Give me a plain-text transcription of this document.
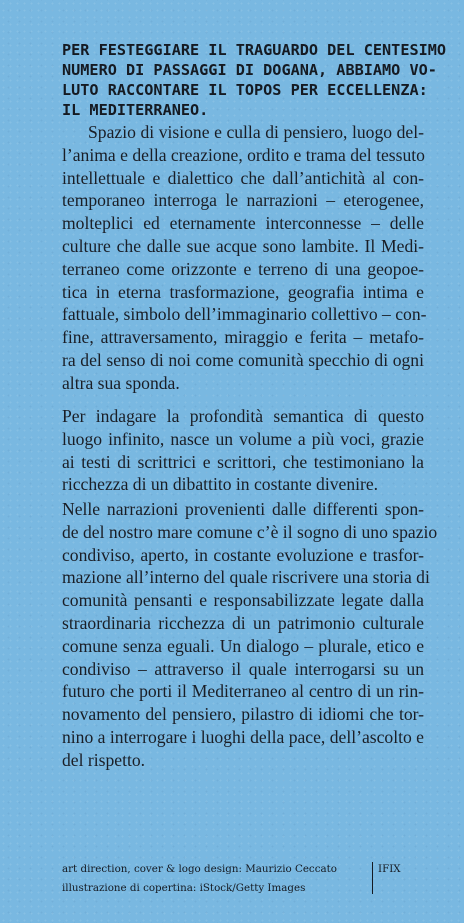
PER FESTEGGIARE IL TRAGUARDO DEL CENTESIMO
NUMERO DI PASSAGGI DI DOGANA, ABBIAMO VO-
LUTO RACCONTARE IL TOPOS PER ECCELLENZA:
IL MEDITERRANEO.
Spazio di visione e culla di pensiero, luogo del-
l’anima e della creazione, ordito e trama del tessuto
intellettuale e dialettico che dall’antichità al con-
temporaneo interroga le narrazioni – eterogenee,
molteplici ed eternamente interconnesse – delle
culture che dalle sue acque sono lambite. Il Medi-
terraneo come orizzonte e terreno di una geopoe-
tica in eterna trasformazione, geografia intima e
fattuale, simbolo dell’immaginario collettivo – con-
fine, attraversamento, miraggio e ferita – metafo-
ra del senso di noi come comunità specchio di ogni
altra sua sponda.
Per indagare la profondità semantica di questo
luogo infinito, nasce un volume a più voci, grazie
ai testi di scrittrici e scrittori, che testimoniano la
ricchezza di un dibattito in costante divenire.
Nelle narrazioni provenienti dalle differenti spon-
de del nostro mare comune c’è il sogno di uno spazio
condiviso, aperto, in costante evoluzione e trasfor-
mazione all’interno del quale riscrivere una storia di
comunità pensanti e responsabilizzate legate dalla
straordinaria ricchezza di un patrimonio culturale
comune senza eguali. Un dialogo – plurale, etico e
condiviso – attraverso il quale interrogarsi su un
futuro che porti il Mediterraneo al centro di un rin-
novamento del pensiero, pilastro di idiomi che tor-
nino a interrogare i luoghi della pace, dell’ascolto e
del rispetto.
art direction, cover & logo design: Maurizio Ceccato
illustrazione di copertina: iStock/Getty Images
IFIX
